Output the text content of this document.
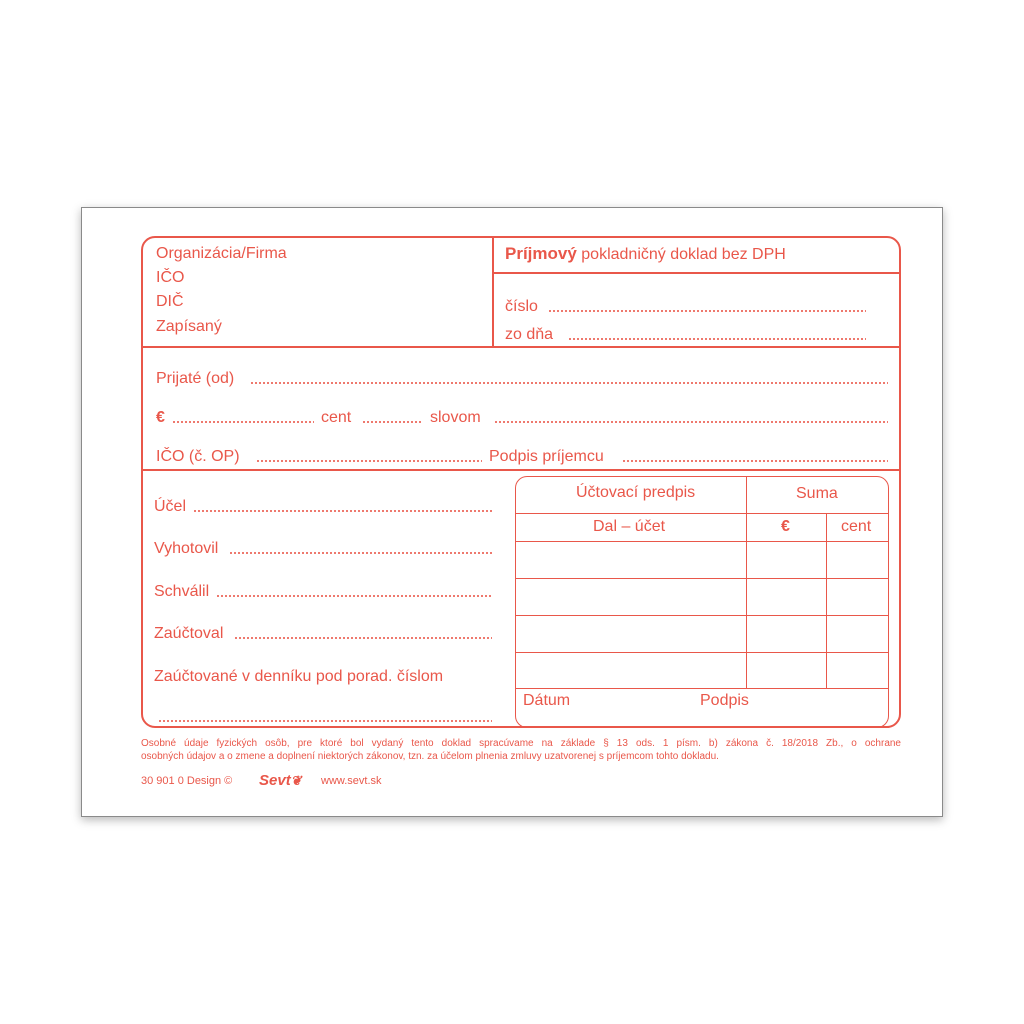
Organizácia/Firma
IČO
DIČ
Zapísaný
Príjmový pokladničný doklad bez DPH
číslo
zo dňa
Prijaté (od)
€	cent	slovom
IČO (č. OP)	Podpis príjemcu
Účel
Vyhotovil
Schválil
Zaúčtoval
Zaúčtované v denníku pod porad. číslom
Účtovací predpis	Suma
Dal – účet	€	cent
Dátum	Podpis
Osobné údaje fyzických osôb, pre ktoré bol vydaný tento doklad spracúvame na základe § 13 ods. 1 písm. b) zákona č. 18/2018 Zb., o ochrane
osobných údajov a o zmene a doplnení niektorých zákonov, tzn. za účelom plnenia zmluvy uzatvorenej s príjemcom tohto dokladu.
30 901 0 Design © Sevt❦ www.sevt.sk
